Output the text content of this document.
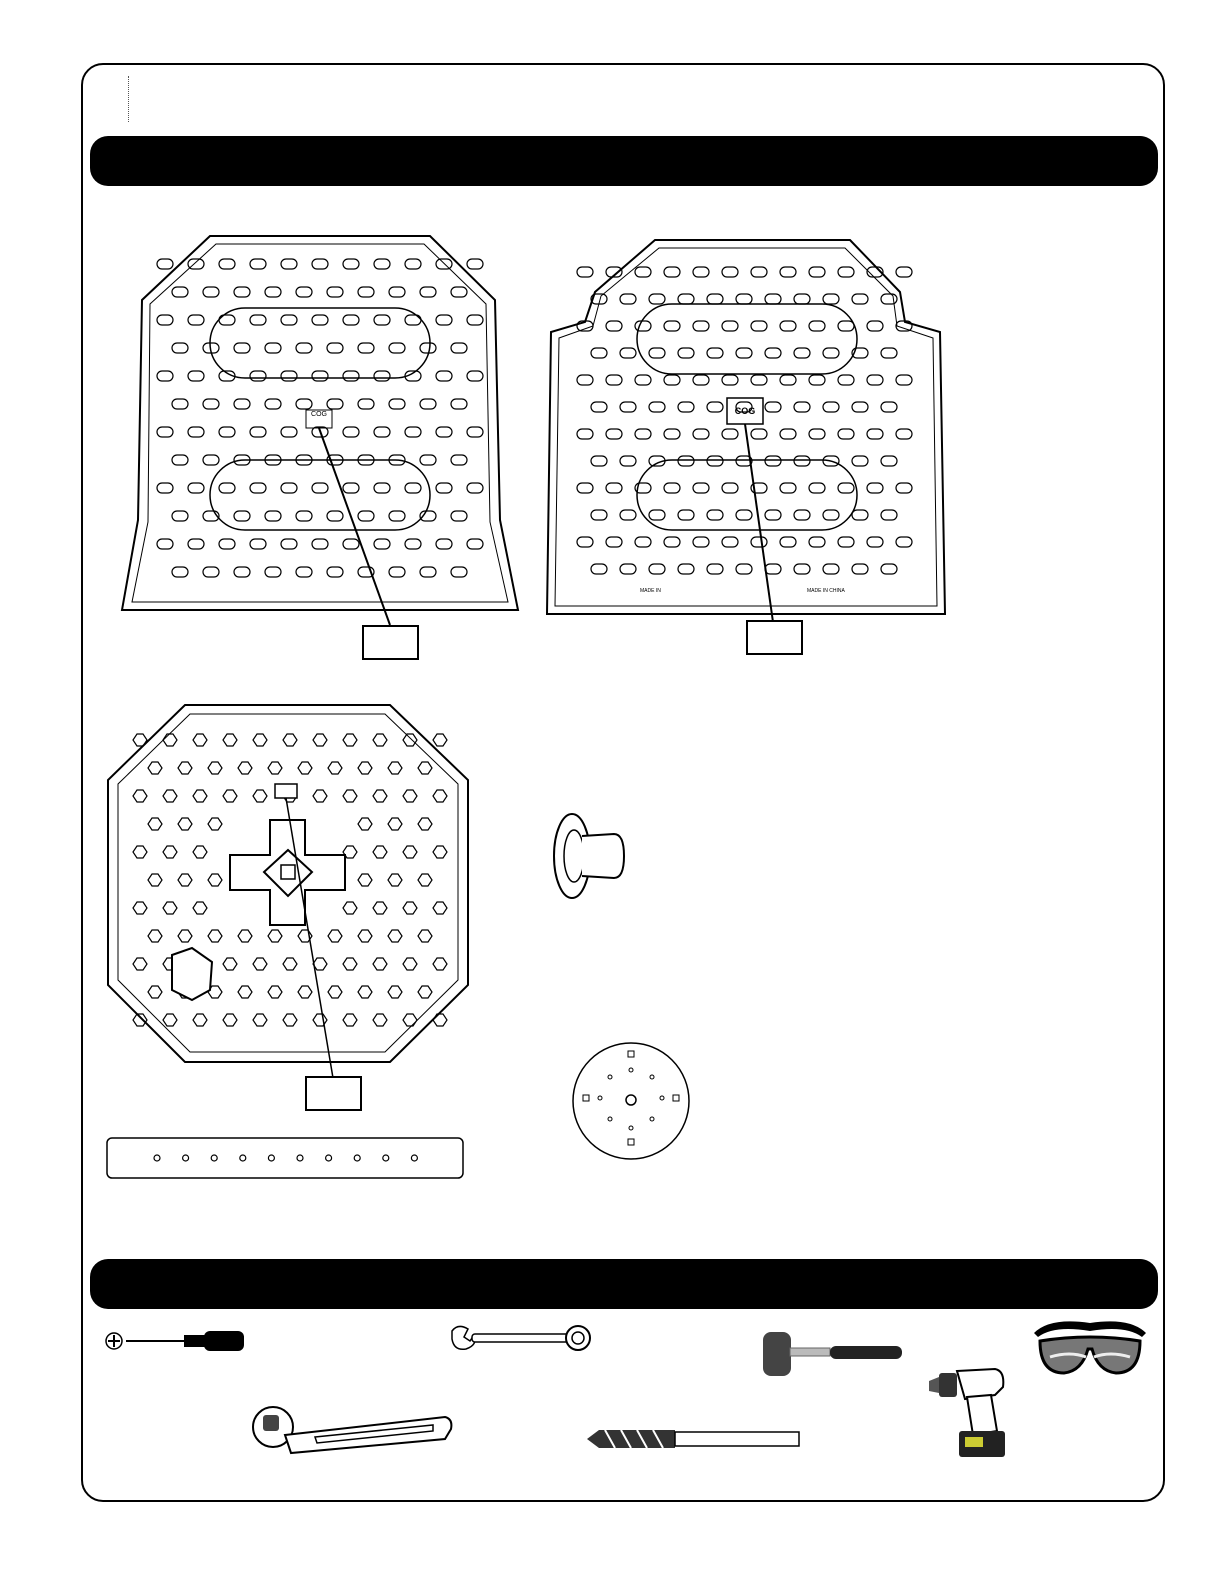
COG	COG
MADE IN	MADE IN CHINA
